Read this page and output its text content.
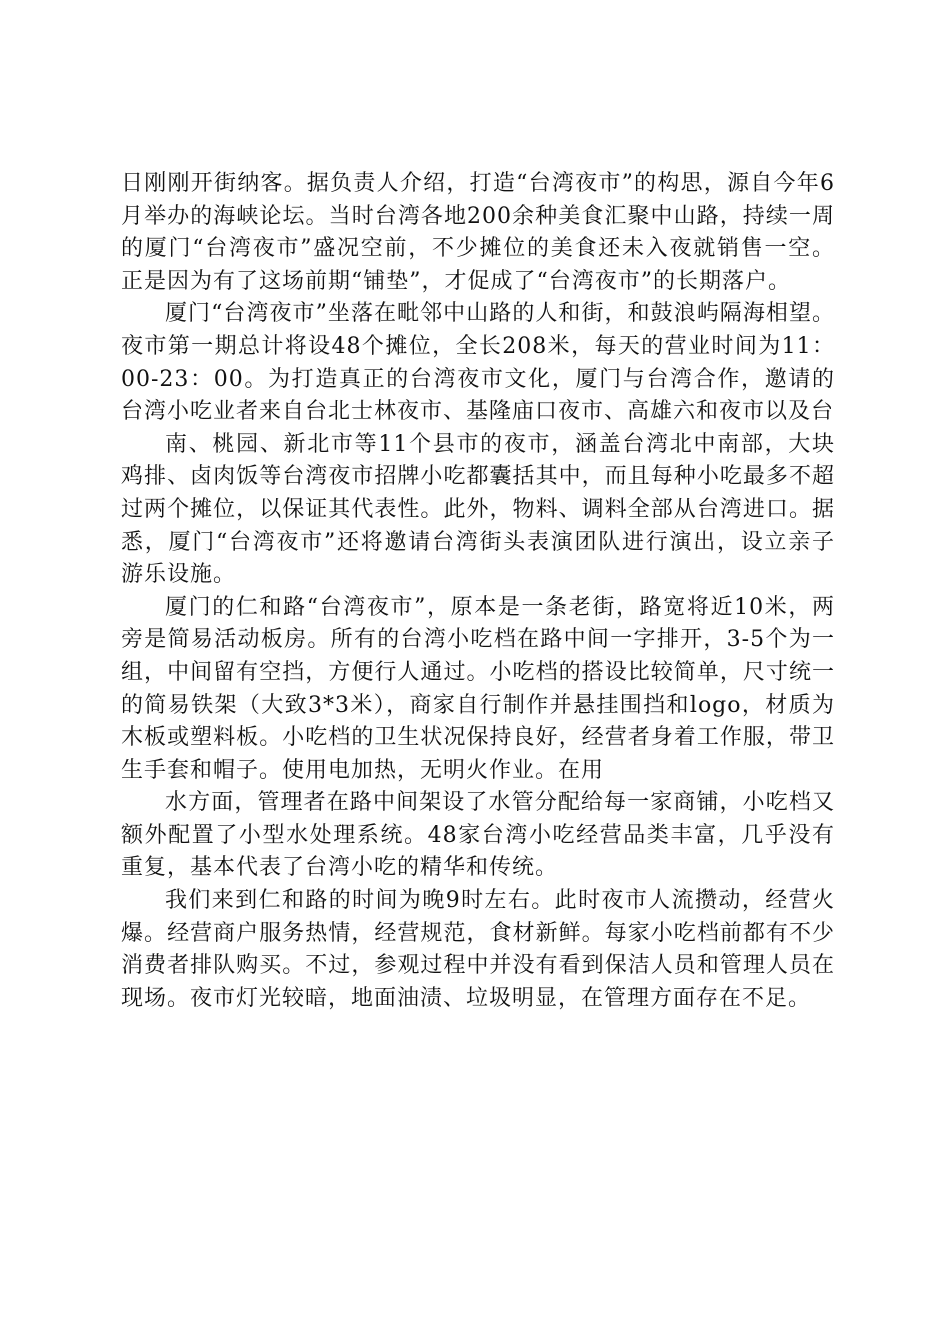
日刚刚开街纳客。据负责人介绍，打造“台湾夜市”的构思，源自今年6月举办的海峡论坛。当时台湾各地200余种美食汇聚中山路，持续一周的厦门“台湾夜市”盛况空前，不少摊位的美食还未入夜就销售一空。正是因为有了这场前期“铺垫”，才促成了“台湾夜市”的长期落户。

厦门“台湾夜市”坐落在毗邻中山路的人和街，和鼓浪屿隔海相望。夜市第一期总计将设48个摊位，全长208米，每天的营业时间为11：00-23：00。为打造真正的台湾夜市文化，厦门与台湾合作，邀请的台湾小吃业者来自台北士林夜市、基隆庙口夜市、高雄六和夜市以及台

南、桃园、新北市等11个县市的夜市，涵盖台湾北中南部，大块鸡排、卤肉饭等台湾夜市招牌小吃都囊括其中，而且每种小吃最多不超过两个摊位，以保证其代表性。此外，物料、调料全部从台湾进口。据悉，厦门“台湾夜市”还将邀请台湾街头表演团队进行演出，设立亲子游乐设施。

厦门的仁和路“台湾夜市”，原本是一条老街，路宽将近10米，两旁是简易活动板房。所有的台湾小吃档在路中间一字排开，3-5个为一组，中间留有空挡，方便行人通过。小吃档的搭设比较简单，尺寸统一的简易铁架（大致3*3米），商家自行制作并悬挂围挡和logo，材质为木板或塑料板。小吃档的卫生状况保持良好，经营者身着工作服，带卫生手套和帽子。使用电加热，无明火作业。在用

水方面，管理者在路中间架设了水管分配给每一家商铺，小吃档又额外配置了小型水处理系统。48家台湾小吃经营品类丰富，几乎没有重复，基本代表了台湾小吃的精华和传统。

我们来到仁和路的时间为晚9时左右。此时夜市人流攒动，经营火爆。经营商户服务热情，经营规范，食材新鲜。每家小吃档前都有不少消费者排队购买。不过，参观过程中并没有看到保洁人员和管理人员在现场。夜市灯光较暗，地面油渍、垃圾明显，在管理方面存在不足。
